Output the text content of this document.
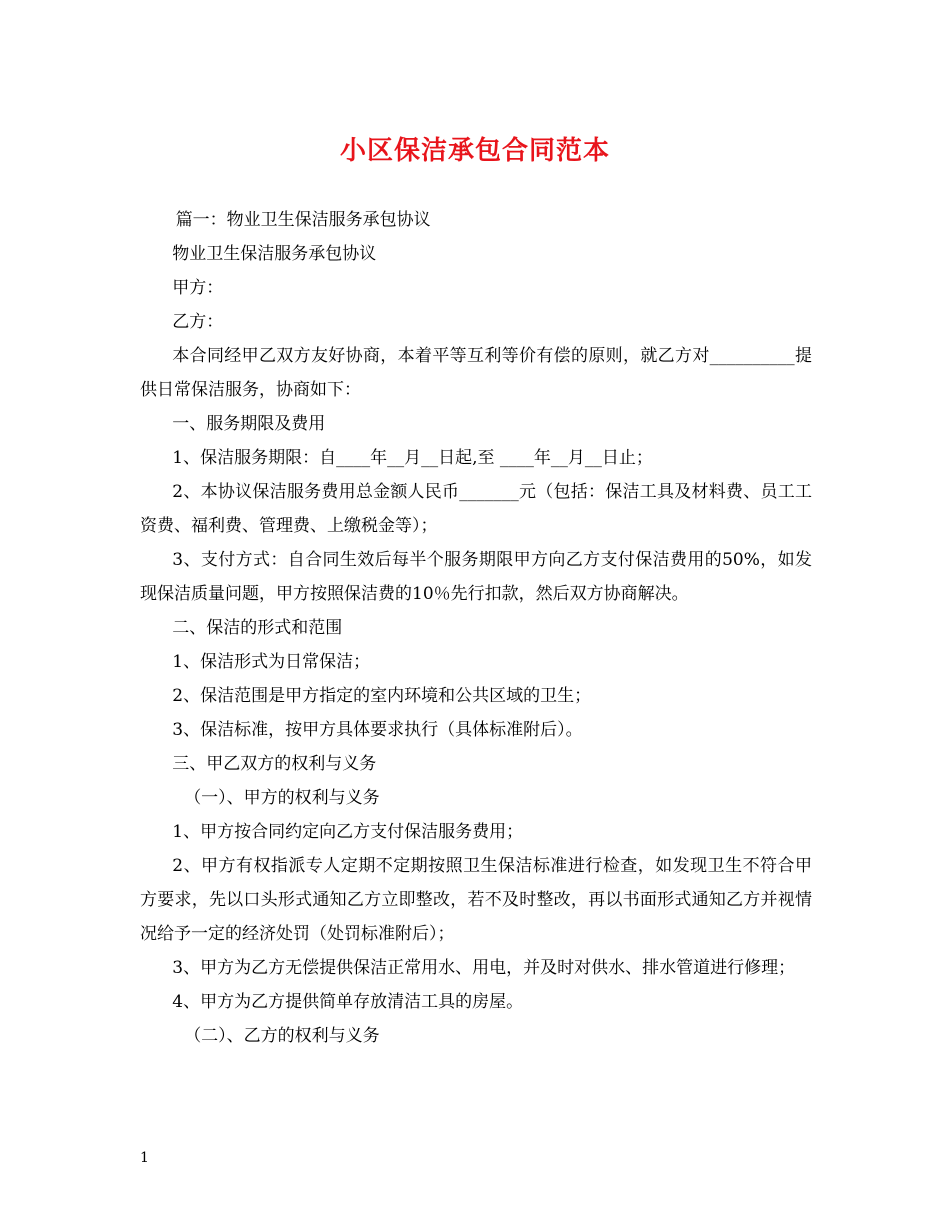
小区保洁承包合同范本

篇一：物业卫生保洁服务承包协议

物业卫生保洁服务承包协议

甲方：

乙方：

本合同经甲乙双方友好协商，本着平等互利等价有偿的原则，就乙方对__________提供日常保洁服务，协商如下：

一、服务期限及费用

1、保洁服务期限：自____年__月__日起,至 ____年__月__日止；

2、本协议保洁服务费用总金额人民币_______元（包括：保洁工具及材料费、员工工资费、福利费、管理费、上缴税金等）；

3、支付方式：自合同生效后每半个服务期限甲方向乙方支付保洁费用的50%，如发现保洁质量问题，甲方按照保洁费的10％先行扣款，然后双方协商解决。

二、保洁的形式和范围

1、保洁形式为日常保洁；

2、保洁范围是甲方指定的室内环境和公共区域的卫生；

3、保洁标准，按甲方具体要求执行（具体标准附后）。

三、甲乙双方的权利与义务

（一）、甲方的权利与义务

1、甲方按合同约定向乙方支付保洁服务费用；

2、甲方有权指派专人定期不定期按照卫生保洁标准进行检查，如发现卫生不符合甲方要求，先以口头形式通知乙方立即整改，若不及时整改，再以书面形式通知乙方并视情况给予一定的经济处罚（处罚标准附后）；

3、甲方为乙方无偿提供保洁正常用水、用电，并及时对供水、排水管道进行修理；

4、甲方为乙方提供简单存放清洁工具的房屋。

（二）、乙方的权利与义务

1
